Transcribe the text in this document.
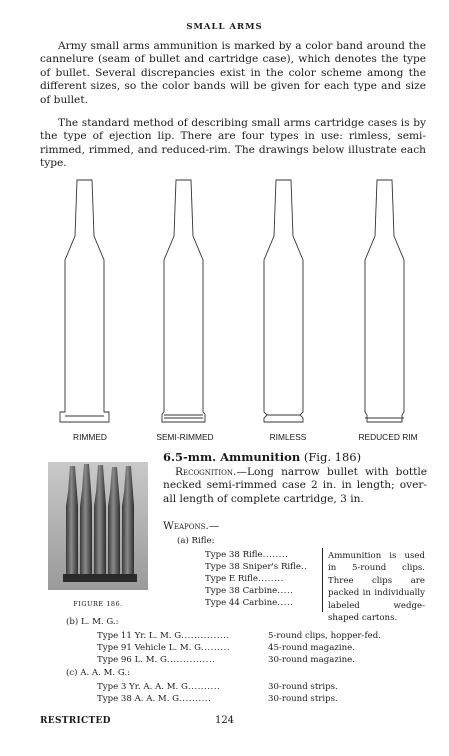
SMALL ARMS

Army small arms ammunition is marked by a color band around the cannelure (seam of bullet and cartridge case), which denotes the type of bullet. Several discrepancies exist in the color scheme among the different sizes, so the color bands will be given for each type and size of bullet.

The standard method of describing small arms cartridge cases is by the type of ejection lip. There are four types in use: rimless, semi-rimmed, rimmed, and reduced-rim. The drawings below illustrate each type.

RIMMED	SEMI-RIMMED	RIMLESS	REDUCED RIM
FIGURE 186.
6.5-mm. Ammunition (Fig. 186)

Recognition.—Long narrow bullet with bottle necked semi-rimmed case 2 in. in length; over-all length of complete cartridge, 3 in.

Weapons.—
(a) Rifle:
Type 38 Rifle........
Type 38 Sniper's Rifle..
Type E Rifle........
Type 38 Carbine.....
Type 44 Carbine.....
Ammunition is used in 5-round clips. Three clips are packed in individually labeled wedge-shaped cartons.
(b) L. M. G.:
Type 11 Yr. L. M. G...............	5-round clips, hopper-fed.
Type 91 Vehicle L. M. G.........	45-round magazine.
Type 96 L. M. G...............	30-round magazine.
(c) A. A. M. G.:
Type 3 Yr. A. A. M. G..........	30-round strips.
Type 38 A. A. M. G..........	30-round strips.
RESTRICTED	124
